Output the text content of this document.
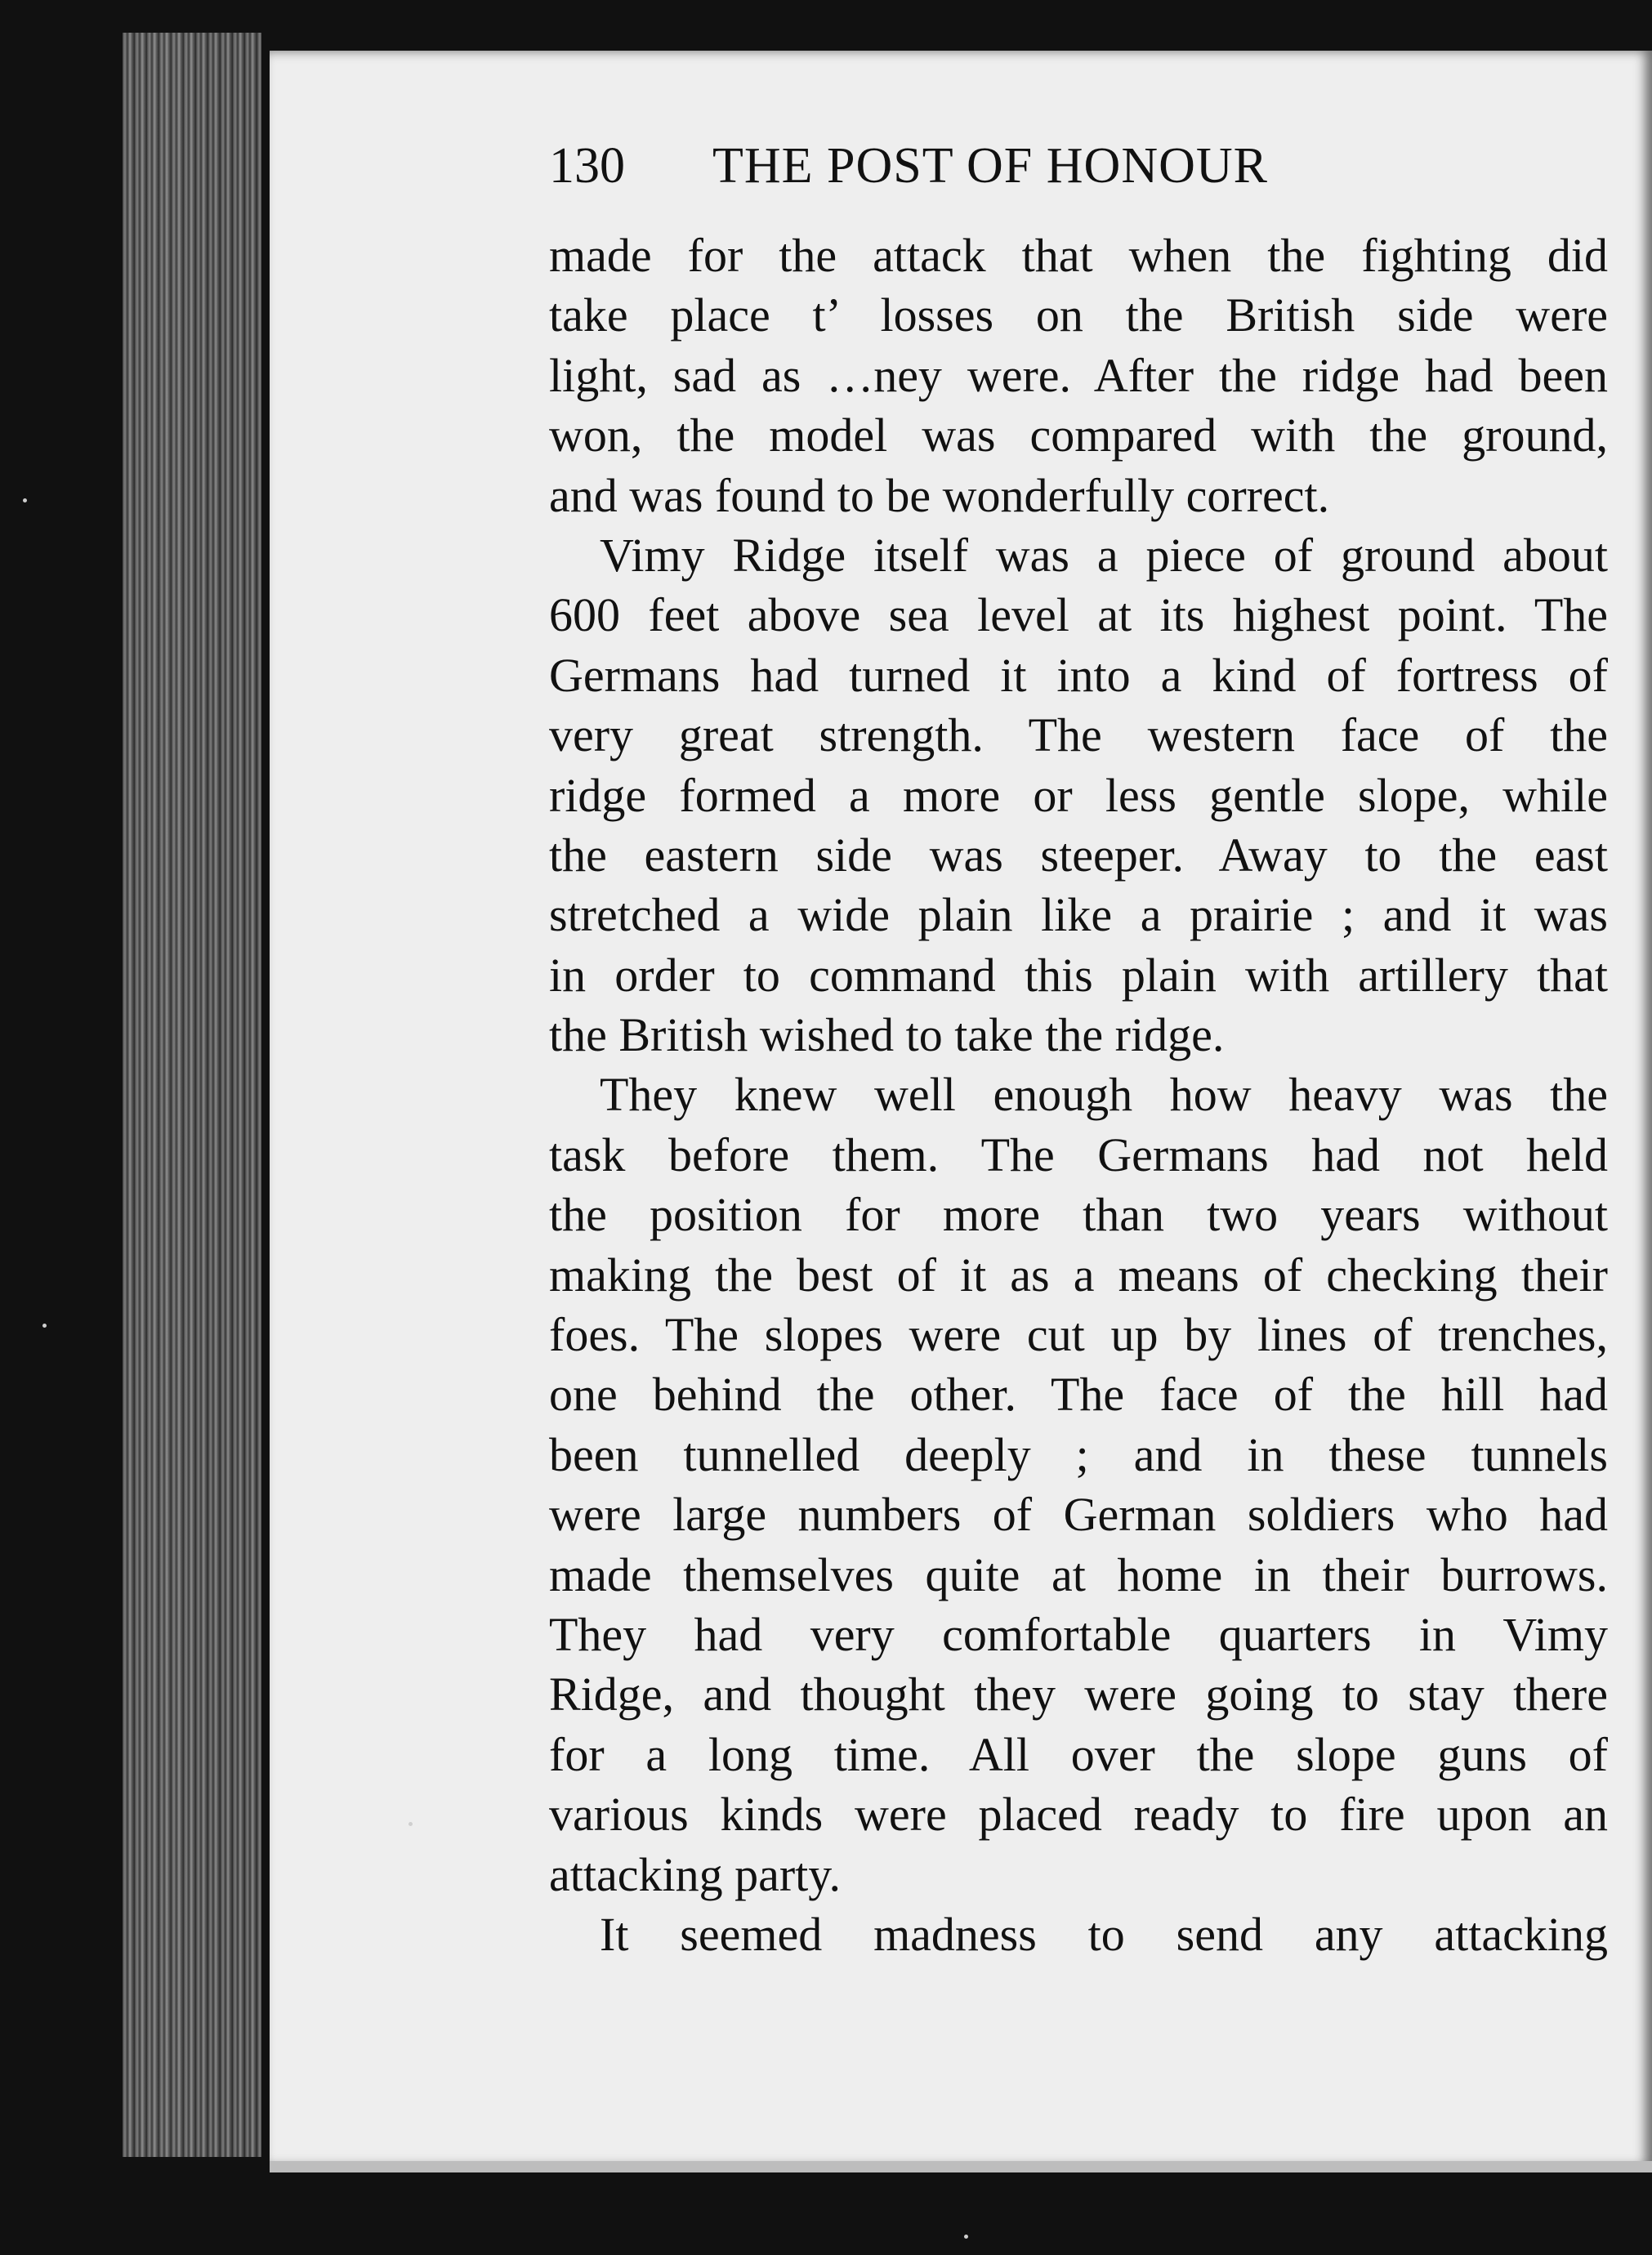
130 THE POST OF HONOUR
made for the attack that when the fighting did
take place t’ losses on the British side were
light, sad as …ney were. After the ridge had been
won, the model was compared with the ground,
and was found to be wonderfully correct.
Vimy Ridge itself was a piece of ground about
600 feet above sea level at its highest point. The
Germans had turned it into a kind of fortress of
very great strength. The western face of the
ridge formed a more or less gentle slope, while
the eastern side was steeper. Away to the east
stretched a wide plain like a prairie ; and it was
in order to command this plain with artillery that
the British wished to take the ridge.
They knew well enough how heavy was the
task before them. The Germans had not held
the position for more than two years without
making the best of it as a means of checking their
foes. The slopes were cut up by lines of trenches,
one behind the other. The face of the hill had
been tunnelled deeply ; and in these tunnels
were large numbers of German soldiers who had
made themselves quite at home in their burrows.
They had very comfortable quarters in Vimy
Ridge, and thought they were going to stay there
for a long time. All over the slope guns of
various kinds were placed ready to fire upon an
attacking party.
It seemed madness to send any attacking
